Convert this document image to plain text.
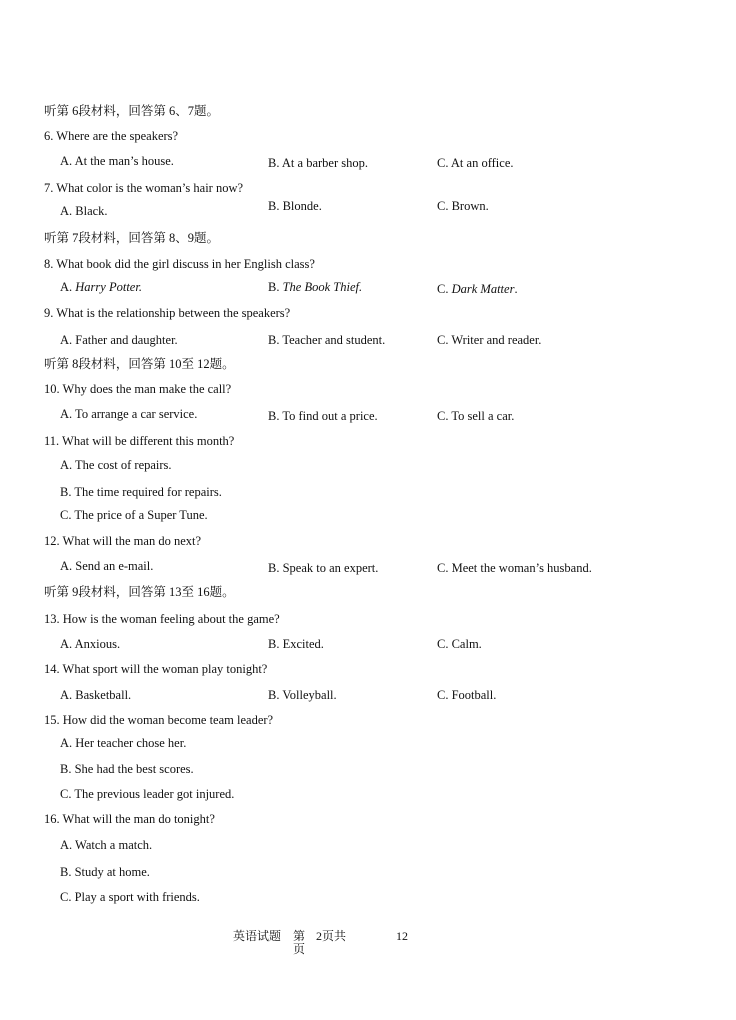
听第 6段材料，回答第 6、7题。
6. Where are the speakers?
A. At the man’s house.	B. At a barber shop.	C. At an office.
7. What color is the woman’s hair now?
A. Black.	B. Blonde.	C. Brown.
听第 7段材料，回答第 8、9题。
8. What book did the girl discuss in her English class?
A. Harry Potter.	B. The Book Thief.	C. Dark Matter.
9. What is the relationship between the speakers?
A. Father and daughter.	B. Teacher and student.	C. Writer and reader.
听第 8段材料，回答第 10至 12题。
10. Why does the man make the call?
A. To arrange a car service.	B. To find out a price.	C. To sell a car.
11. What will be different this month?
A. The cost of repairs.
B. The time required for repairs.
C. The price of a Super Tune.
12. What will the man do next?
A. Send an e-mail.	B. Speak to an expert.	C. Meet the woman’s husband.
听第 9段材料，回答第 13至 16题。
13. How is the woman feeling about the game?
A. Anxious.	B. Excited.	C. Calm.
14. What sport will the woman play tonight?
A. Basketball.	B. Volleyball.	C. Football.
15. How did the woman become team leader?
A. Her teacher chose her.
B. She had the best scores.
C. The previous leader got injured.
16. What will the man do tonight?
A. Watch a match.
B. Study at home.
C. Play a sport with friends.
英语试题 第 2页共	12
页
